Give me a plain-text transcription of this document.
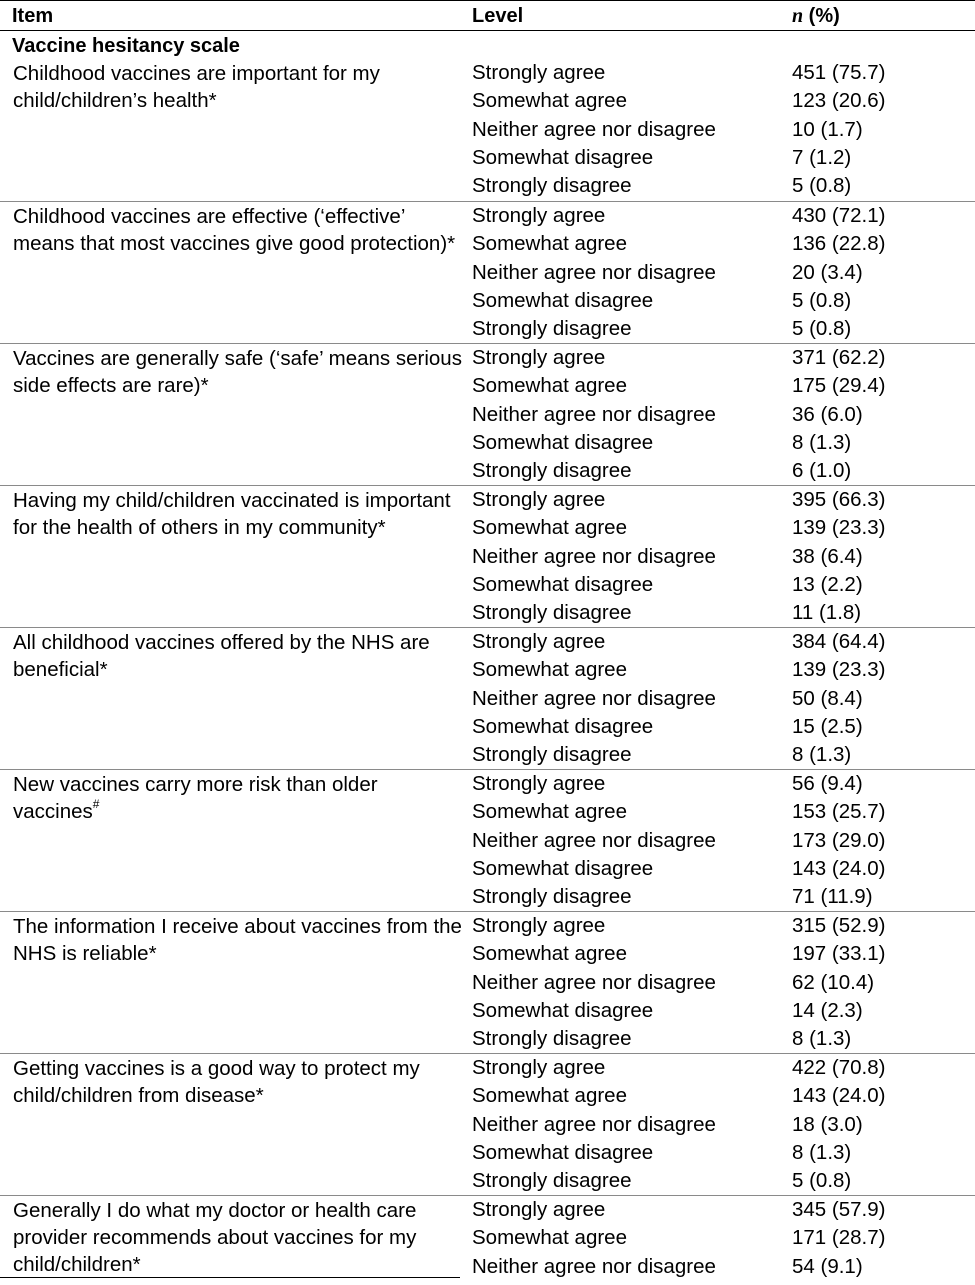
Item	Level	n (%)
Vaccine hesitancy scale
Childhood vaccines are important for my child/children’s health*
Strongly agree
Somewhat agree
Neither agree nor disagree
Somewhat disagree
Strongly disagree
451 (75.7)
123 (20.6)
10 (1.7)
7 (1.2)
5 (0.8)
Childhood vaccines are effective (‘effective’ means that most vaccines give good protection)*
Strongly agree
Somewhat agree
Neither agree nor disagree
Somewhat disagree
Strongly disagree
430 (72.1)
136 (22.8)
20 (3.4)
5 (0.8)
5 (0.8)
Vaccines are generally safe (‘safe’ means serious side effects are rare)*
Strongly agree
Somewhat agree
Neither agree nor disagree
Somewhat disagree
Strongly disagree
371 (62.2)
175 (29.4)
36 (6.0)
8 (1.3)
6 (1.0)
Having my child/children vaccinated is important for the health of others in my community*
Strongly agree
Somewhat agree
Neither agree nor disagree
Somewhat disagree
Strongly disagree
395 (66.3)
139 (23.3)
38 (6.4)
13 (2.2)
11 (1.8)
All childhood vaccines offered by the NHS are beneficial*
Strongly agree
Somewhat agree
Neither agree nor disagree
Somewhat disagree
Strongly disagree
384 (64.4)
139 (23.3)
50 (8.4)
15 (2.5)
8 (1.3)
New vaccines carry more risk than older vaccines#
Strongly agree
Somewhat agree
Neither agree nor disagree
Somewhat disagree
Strongly disagree
56 (9.4)
153 (25.7)
173 (29.0)
143 (24.0)
71 (11.9)
The information I receive about vaccines from the NHS is reliable*
Strongly agree
Somewhat agree
Neither agree nor disagree
Somewhat disagree
Strongly disagree
315 (52.9)
197 (33.1)
62 (10.4)
14 (2.3)
8 (1.3)
Getting vaccines is a good way to protect my child/children from disease*
Strongly agree
Somewhat agree
Neither agree nor disagree
Somewhat disagree
Strongly disagree
422 (70.8)
143 (24.0)
18 (3.0)
8 (1.3)
5 (0.8)
Generally I do what my doctor or health care provider recommends about vaccines for my child/children*
Strongly agree
Somewhat agree
Neither agree nor disagree
345 (57.9)
171 (28.7)
54 (9.1)
